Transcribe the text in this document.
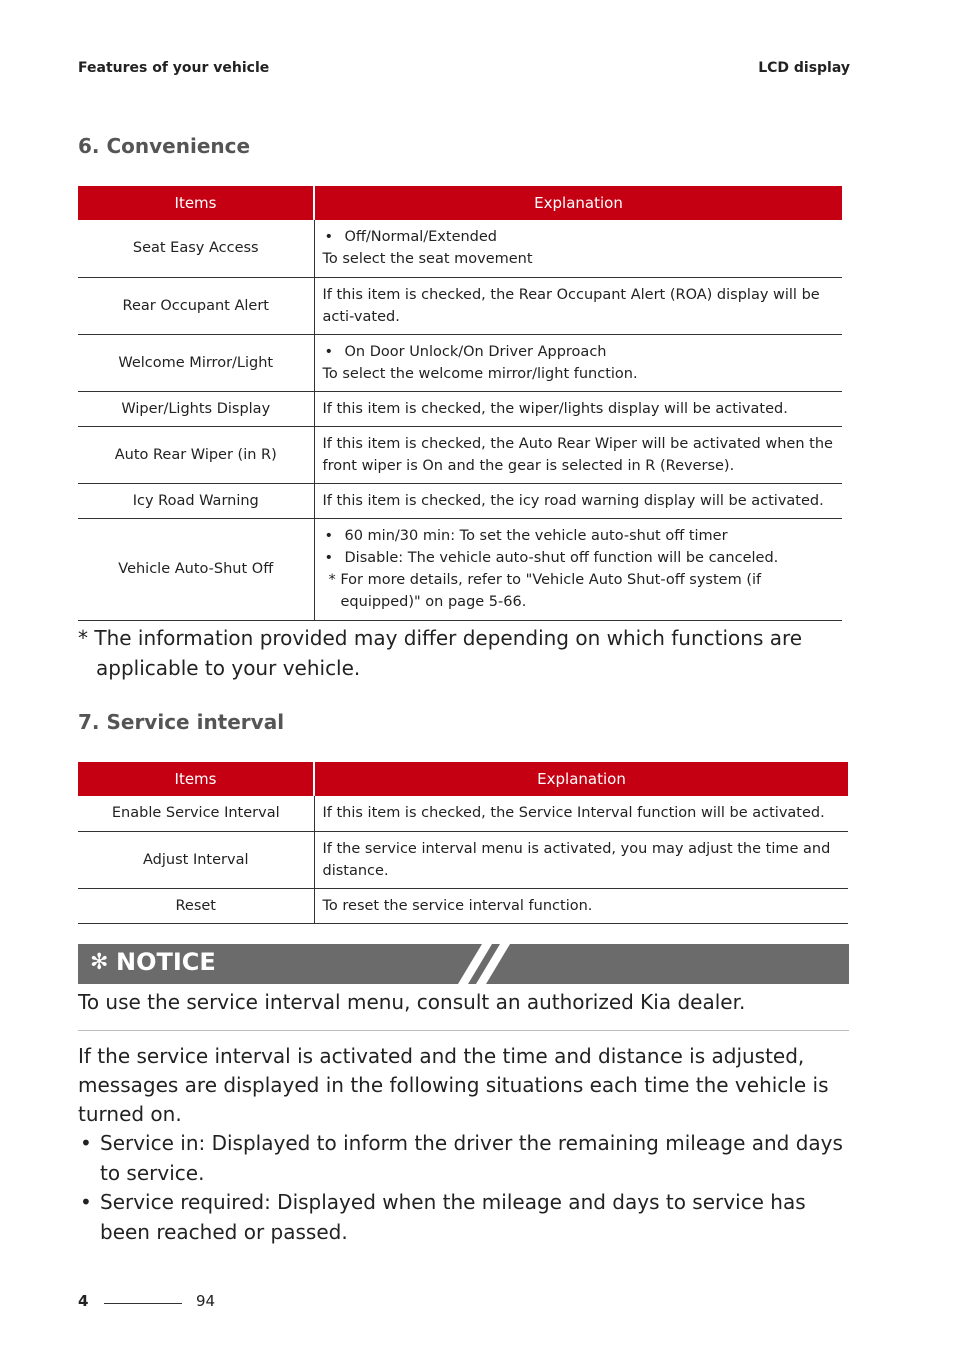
Features of your vehicle	LCD display
6. Convenience
Items	Explanation
Seat Easy Access	• Off/Normal/Extended
To select the seat movement
Rear Occupant Alert	If this item is checked, the Rear Occupant Alert (ROA) display will be acti-vated.
Welcome Mirror/Light	• On Door Unlock/On Driver Approach
To select the welcome mirror/light function.
Wiper/Lights Display	If this item is checked, the wiper/lights display will be activated.
Auto Rear Wiper (in R)	If this item is checked, the Auto Rear Wiper will be activated when the front wiper is On and the gear is selected in R (Reverse).
Icy Road Warning	If this item is checked, the icy road warning display will be activated.
Vehicle Auto-Shut Off	• 60 min/30 min: To set the vehicle auto-shut off timer
• Disable: The vehicle auto-shut off function will be canceled.
* For more details, refer to "Vehicle Auto Shut-off system (if equipped)" on page 5-66.
* The information provided may differ depending on which functions are applicable to your vehicle.
7. Service interval
Items	Explanation
Enable Service Interval	If this item is checked, the Service Interval function will be activated.
Adjust Interval	If the service interval menu is activated, you may adjust the time and distance.
Reset	To reset the service interval function.
✻ NOTICE
To use the service interval menu, consult an authorized Kia dealer.
If the service interval is activated and the time and distance is adjusted, messages are displayed in the following situations each time the vehicle is turned on.
• Service in: Displayed to inform the driver the remaining mileage and days to service.
• Service required: Displayed when the mileage and days to service has been reached or passed.
4	94
